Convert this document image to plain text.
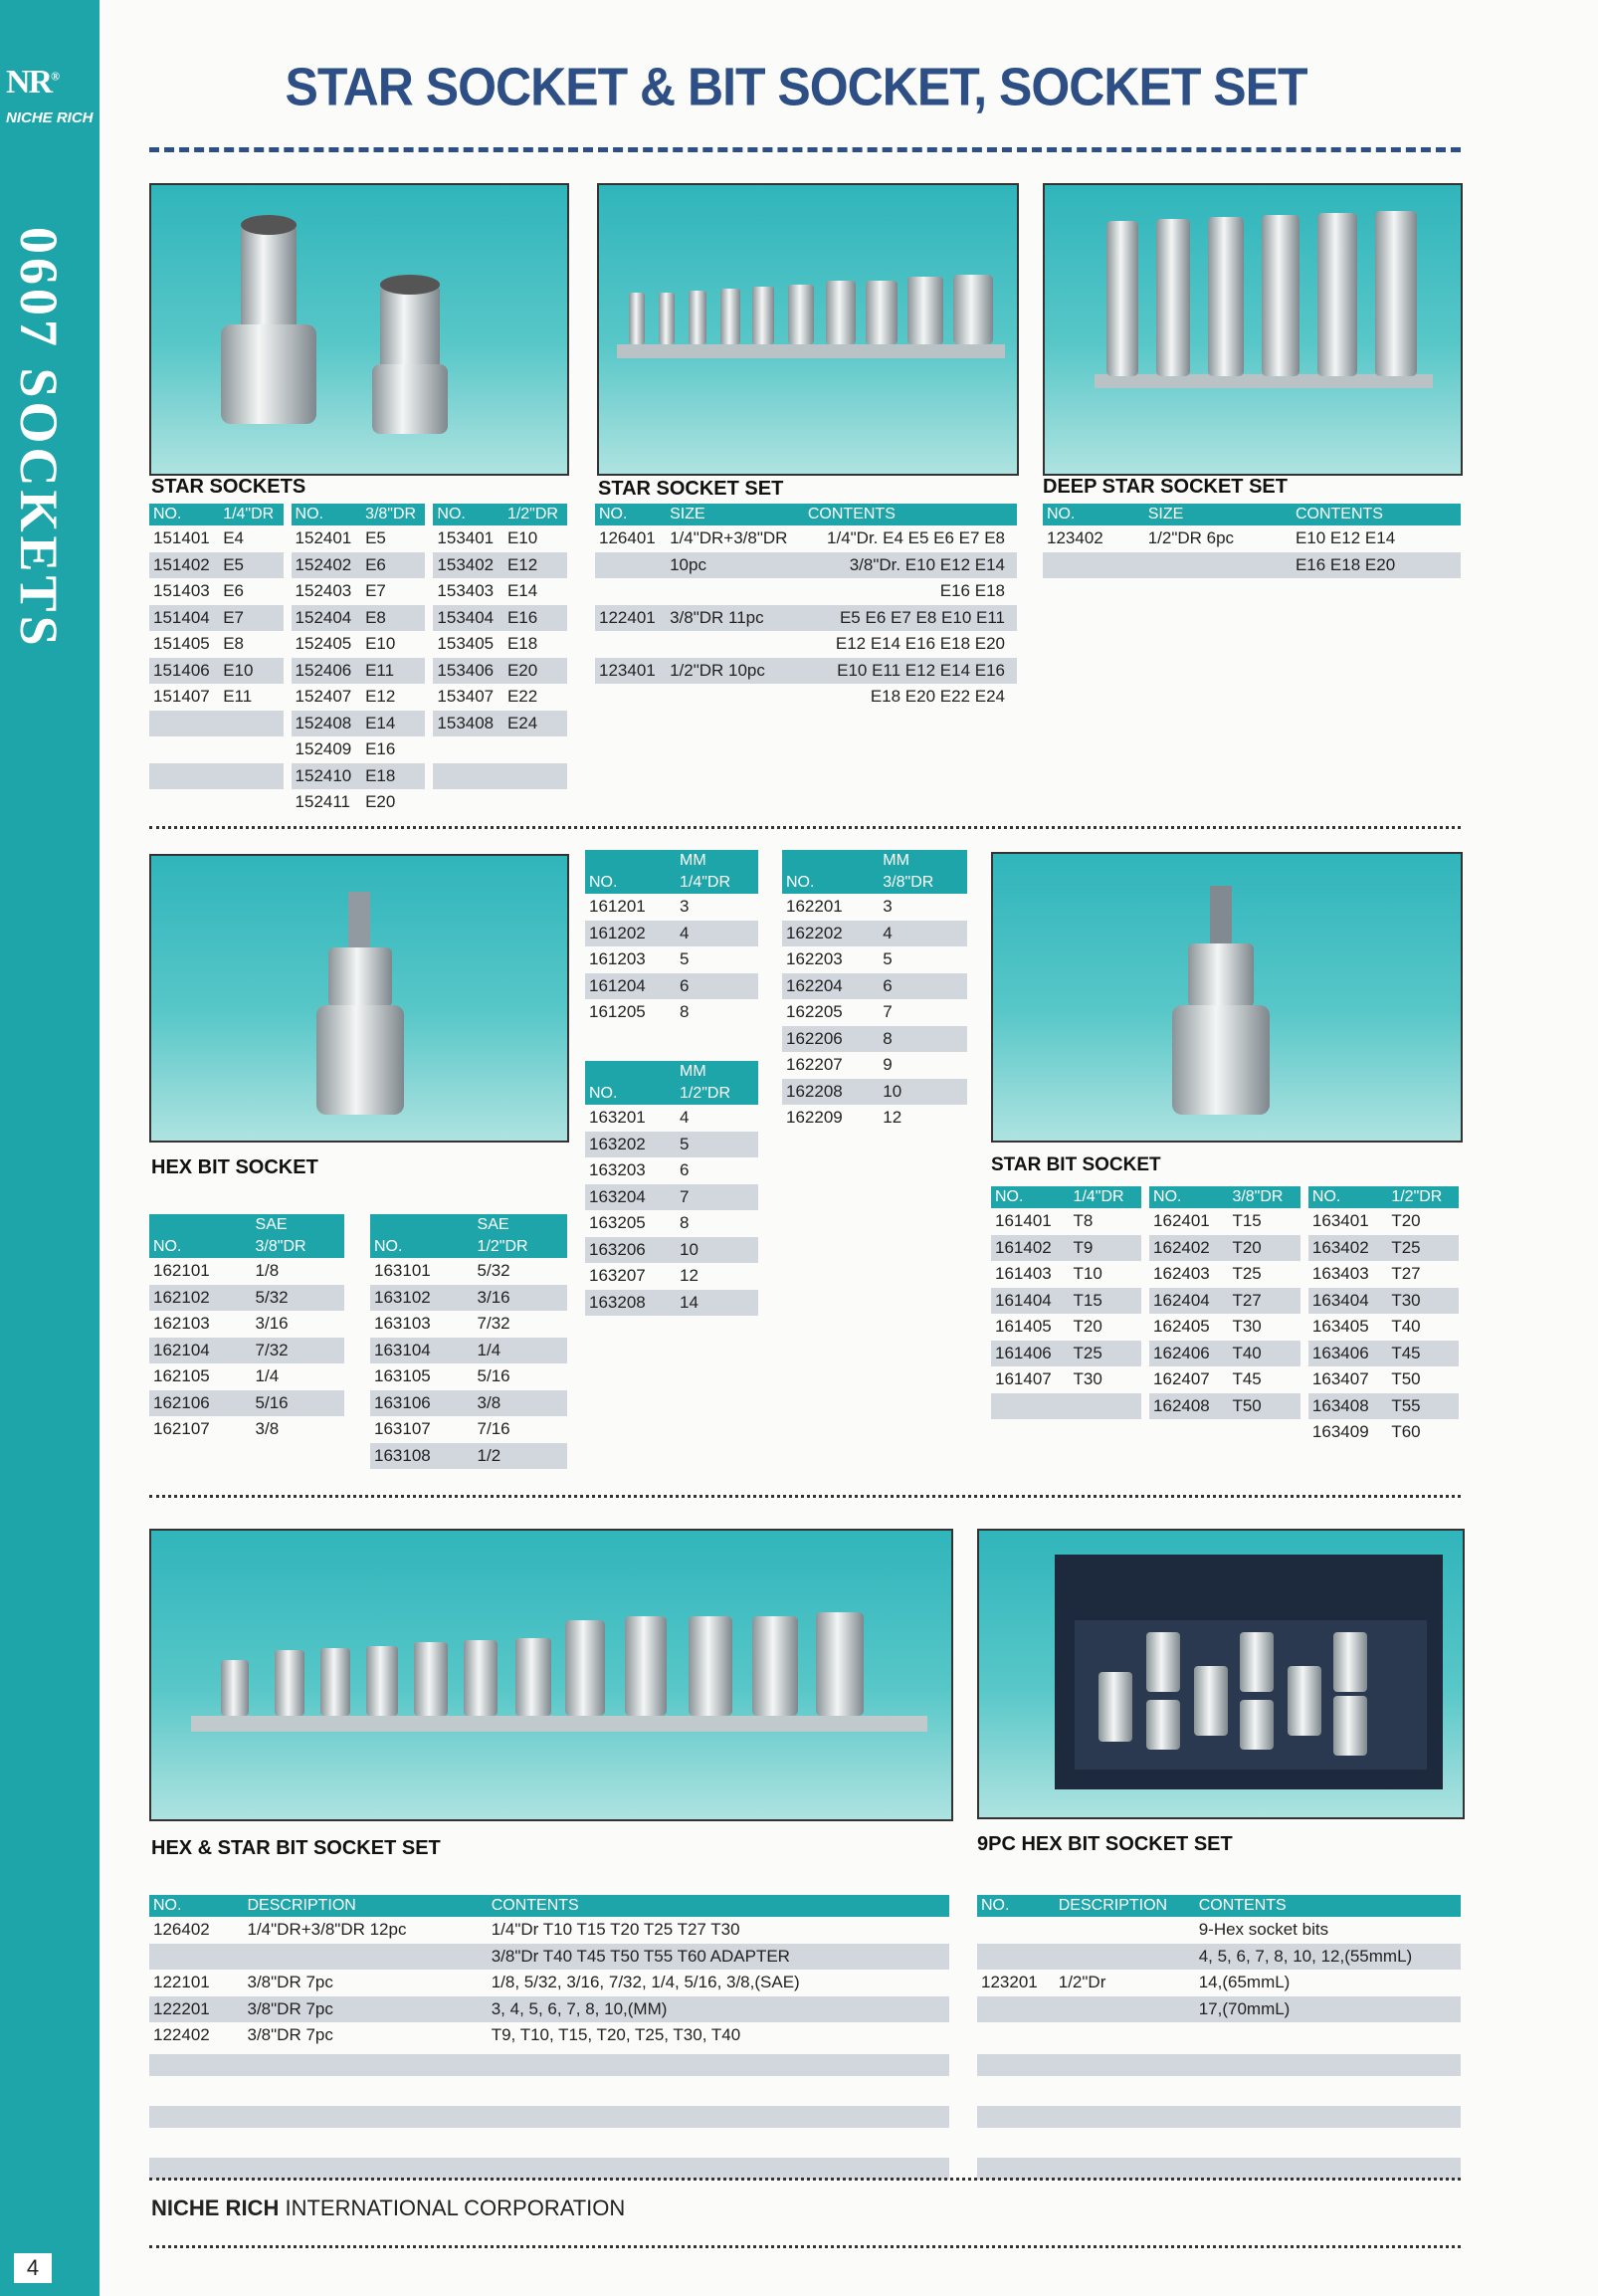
NR®
NICHE RICH
0607 SOCKETS
4
STAR SOCKET & BIT SOCKET, SOCKET SET
STAR SOCKETS	STAR SOCKET SET	DEEP STAR SOCKET SET
NO.	1/4"DR	NO.	3/8"DR	NO.	1/2"DR
151401	E4	152401	E5	153401	E10
151402	E5	152402	E6	153402	E12
151403	E6	152403	E7	153403	E14
151404	E7	152404	E8	153404	E16
151405	E8	152405	E10	153405	E18
151406	E10	152406	E11	153406	E20
151407	E11	152407	E12	153407	E22
		152408	E14	153408	E24
		152409	E16		
		152410	E18		
		152411	E20		
NO.	SIZE	CONTENTS
126401	1/4"DR+3/8"DR	1/4"Dr. E4 E5 E6 E7 E8
	10pc	3/8"Dr. E10 E12 E14
		E16 E18
122401	3/8"DR 11pc	E5 E6 E7 E8 E10 E11
		E12 E14 E16 E18 E20
123401	1/2"DR 10pc	E10 E11 E12 E14 E16
		E18 E20 E22 E24
NO.	SIZE	CONTENTS
123402	1/2"DR 6pc	E10 E12 E14
		E16 E18 E20
HEX BIT SOCKET
	SAE
NO.	3/8"DR
162101	1/8
162102	5/32
162103	3/16
162104	7/32
162105	1/4
162106	5/16
162107	3/8
	SAE
NO.	1/2"DR
163101	5/32
163102	3/16
163103	7/32
163104	1/4
163105	5/16
163106	3/8
163107	7/16
163108	1/2
	MM
NO.	1/4"DR
161201	3
161202	4
161203	5
161204	6
161205	8
	MM
NO.	1/2"DR
163201	4
163202	5
163203	6
163204	7
163205	8
163206	10
163207	12
163208	14
	MM
NO.	3/8"DR
162201	3
162202	4
162203	5
162204	6
162205	7
162206	8
162207	9
162208	10
162209	12
STAR BIT SOCKET
NO.	1/4"DR	NO.	3/8"DR	NO.	1/2"DR
161401	T8	162401	T15	163401	T20
161402	T9	162402	T20	163402	T25
161403	T10	162403	T25	163403	T27
161404	T15	162404	T27	163404	T30
161405	T20	162405	T30	163405	T40
161406	T25	162406	T40	163406	T45
161407	T30	162407	T45	163407	T50
		162408	T50	163408	T55
				163409	T60
HEX & STAR BIT SOCKET SET	9PC HEX BIT SOCKET SET
NO.	DESCRIPTION	CONTENTS
126402	1/4"DR+3/8"DR 12pc	1/4"Dr T10 T15 T20 T25 T27 T30
		3/8"Dr T40 T45 T50 T55 T60 ADAPTER
122101	3/8"DR 7pc	1/8, 5/32, 3/16, 7/32, 1/4, 5/16, 3/8,(SAE)
122201	3/8"DR 7pc	3, 4, 5, 6, 7, 8, 10,(MM)
122402	3/8"DR 7pc	T9, T10, T15, T20, T25, T30, T40
NO.	DESCRIPTION	CONTENTS
		9-Hex socket bits
		4, 5, 6, 7, 8, 10, 12,(55mmL)
123201	1/2"Dr	14,(65mmL)
		17,(70mmL)
NICHE RICH INTERNATIONAL CORPORATION
